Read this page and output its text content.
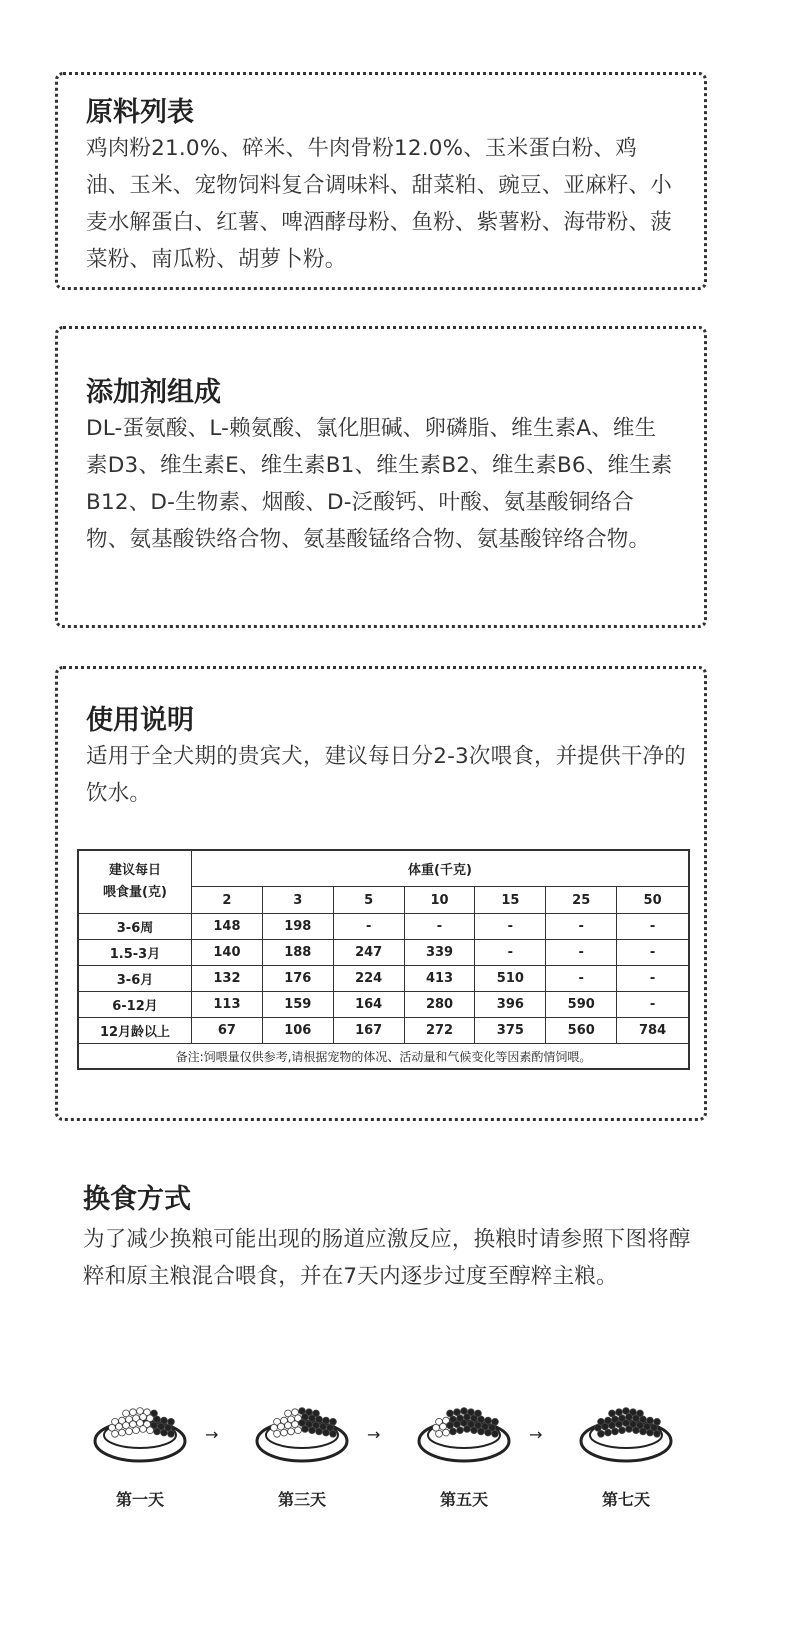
原料列表

鸡肉粉21.0%、碎米、牛肉骨粉12.0%、玉米蛋白粉、鸡油、玉米、宠物饲料复合调味料、甜菜粕、豌豆、亚麻籽、小麦水解蛋白、红薯、啤酒酵母粉、鱼粉、紫薯粉、海带粉、菠菜粉、南瓜粉、胡萝卜粉。

添加剂组成

DL-蛋氨酸、L-赖氨酸、氯化胆碱、卵磷脂、维生素A、维生素D3、维生素E、维生素B1、维生素B2、维生素B6、维生素B12、D-生物素、烟酸、D-泛酸钙、叶酸、氨基酸铜络合物、氨基酸铁络合物、氨基酸锰络合物、氨基酸锌络合物。

使用说明

适用于全犬期的贵宾犬，建议每日分2-3次喂食，并提供干净的饮水。

建议每日
喂食量(克)	体重(千克)						
	2	3	5	10	15	25	50
3-6周	148	198	-	-	-	-	-
1.5-3月	140	188	247	339	-	-	-
3-6月	132	176	224	413	510	-	-
6-12月	113	159	164	280	396	590	-
12月龄以上	67	106	167	272	375	560	784
备注:饲喂量仅供参考,请根据宠物的体况、活动量和气候变化等因素酌情饲喂。							
换食方式

为了减少换粮可能出现的肠道应激反应，换粮时请参照下图将醇粹和原主粮混合喂食，并在7天内逐步过度至醇粹主粮。

第一天	第三天	第五天	第七天
→	→	→
